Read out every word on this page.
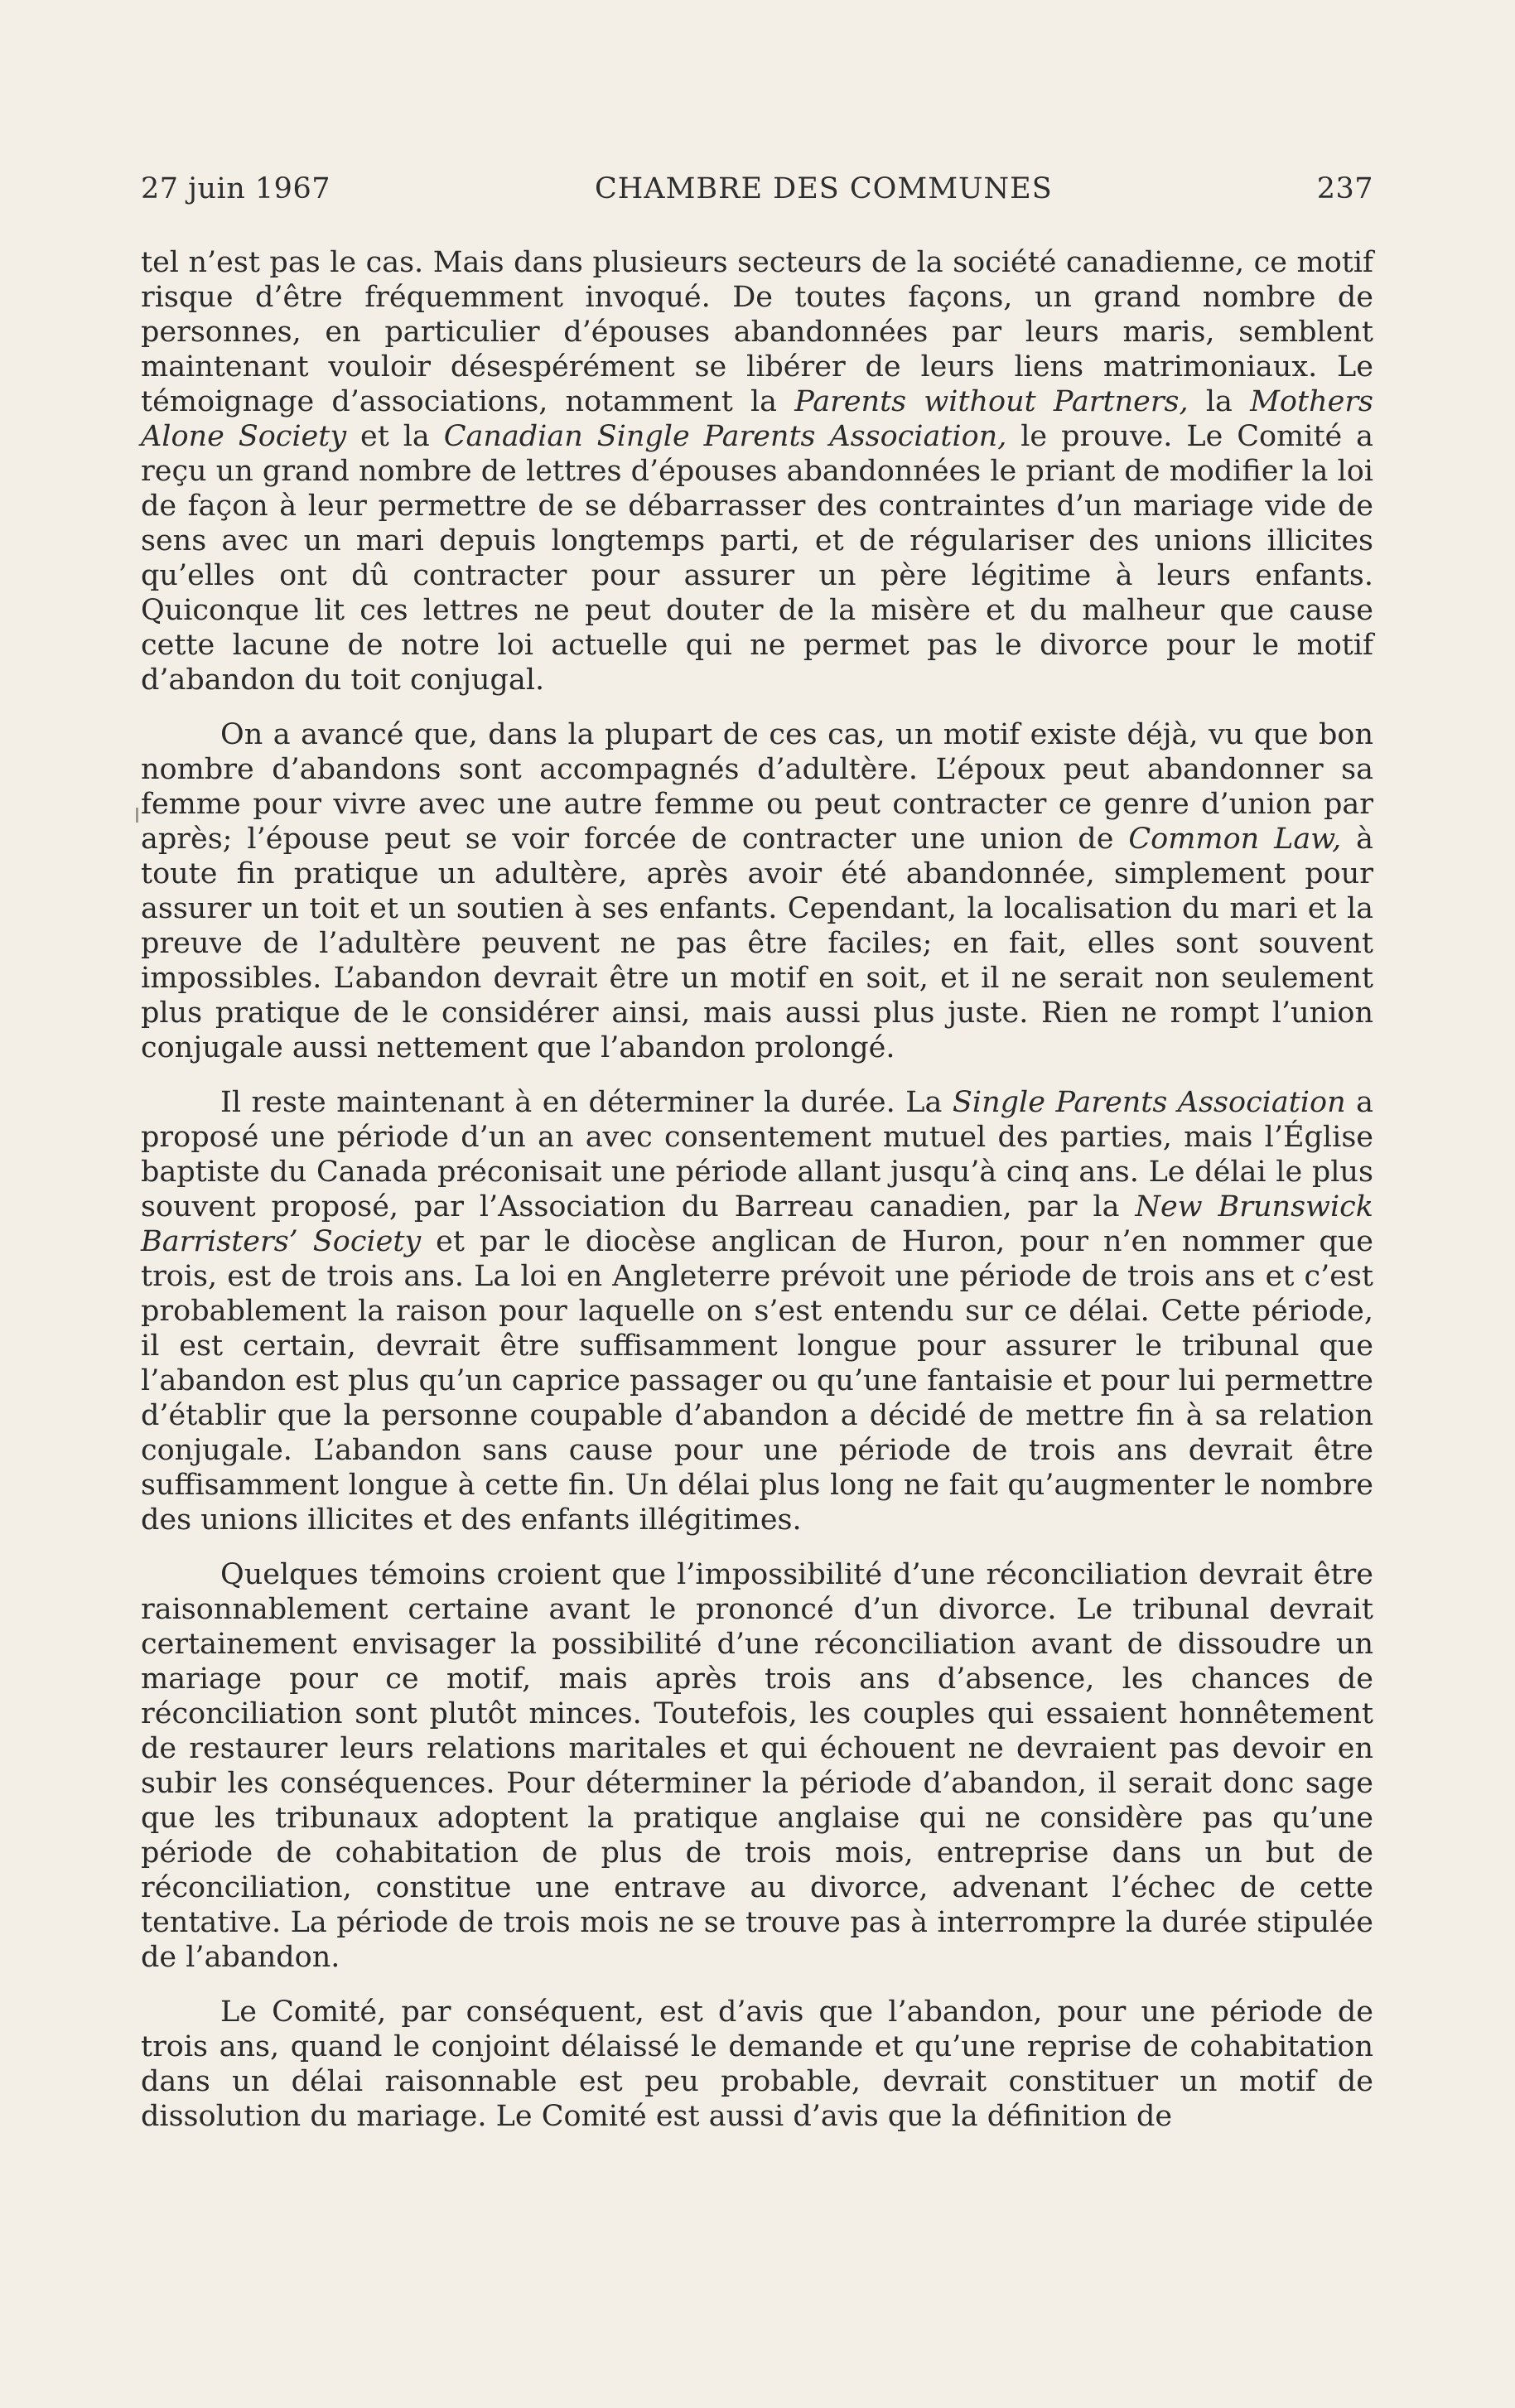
27 juin 1967	CHAMBRE DES COMMUNES	237

tel n’est pas le cas. Mais dans plusieurs secteurs de la société canadienne, ce motif risque d’être fréquemment invoqué. De toutes façons, un grand nombre de personnes, en particulier d’épouses abandonnées par leurs maris, semblent maintenant vouloir désespérément se libérer de leurs liens matrimoniaux. Le témoignage d’associations, notamment la Parents without Partners, la Mothers Alone Society et la Canadian Single Parents Association, le prouve. Le Comité a reçu un grand nombre de lettres d’épouses abandonnées le priant de modifier la loi de façon à leur permettre de se débarrasser des contraintes d’un mariage vide de sens avec un mari depuis longtemps parti, et de régulariser des unions illicites qu’elles ont dû contracter pour assurer un père légitime à leurs enfants. Quiconque lit ces lettres ne peut douter de la misère et du malheur que cause cette lacune de notre loi actuelle qui ne permet pas le divorce pour le motif d’abandon du toit conjugal.

On a avancé que, dans la plupart de ces cas, un motif existe déjà, vu que bon nombre d’abandons sont accompagnés d’adultère. L’époux peut abandonner sa femme pour vivre avec une autre femme ou peut contracter ce genre d’union par après; l’épouse peut se voir forcée de contracter une union de Common Law, à toute fin pratique un adultère, après avoir été abandonnée, simplement pour assurer un toit et un soutien à ses enfants. Cependant, la localisation du mari et la preuve de l’adultère peuvent ne pas être faciles; en fait, elles sont souvent impossibles. L’abandon devrait être un motif en soit, et il ne serait non seulement plus pratique de le considérer ainsi, mais aussi plus juste. Rien ne rompt l’union conjugale aussi nettement que l’abandon prolongé.

Il reste maintenant à en déterminer la durée. La Single Parents Association a proposé une période d’un an avec consentement mutuel des parties, mais l’Église baptiste du Canada préconisait une période allant jusqu’à cinq ans. Le délai le plus souvent proposé, par l’Association du Barreau canadien, par la New Brunswick Barristers’ Society et par le diocèse anglican de Huron, pour n’en nommer que trois, est de trois ans. La loi en Angleterre prévoit une période de trois ans et c’est probablement la raison pour laquelle on s’est entendu sur ce délai. Cette période, il est certain, devrait être suffisamment longue pour assurer le tribunal que l’abandon est plus qu’un caprice passager ou qu’une fantaisie et pour lui permettre d’établir que la personne coupable d’abandon a décidé de mettre fin à sa relation conjugale. L’abandon sans cause pour une période de trois ans devrait être suffisamment longue à cette fin. Un délai plus long ne fait qu’augmenter le nombre des unions illicites et des enfants illégitimes.

Quelques témoins croient que l’impossibilité d’une réconciliation devrait être raisonnablement certaine avant le prononcé d’un divorce. Le tribunal devrait certainement envisager la possibilité d’une réconciliation avant de dissoudre un mariage pour ce motif, mais après trois ans d’absence, les chances de réconciliation sont plutôt minces. Toutefois, les couples qui essaient honnêtement de restaurer leurs relations maritales et qui échouent ne devraient pas devoir en subir les conséquences. Pour déterminer la période d’abandon, il serait donc sage que les tribunaux adoptent la pratique anglaise qui ne considère pas qu’une période de cohabitation de plus de trois mois, entreprise dans un but de réconciliation, constitue une entrave au divorce, advenant l’échec de cette tentative. La période de trois mois ne se trouve pas à interrompre la durée stipulée de l’abandon.

Le Comité, par conséquent, est d’avis que l’abandon, pour une période de trois ans, quand le conjoint délaissé le demande et qu’une reprise de cohabitation dans un délai raisonnable est peu probable, devrait constituer un motif de dissolution du mariage. Le Comité est aussi d’avis que la définition de
